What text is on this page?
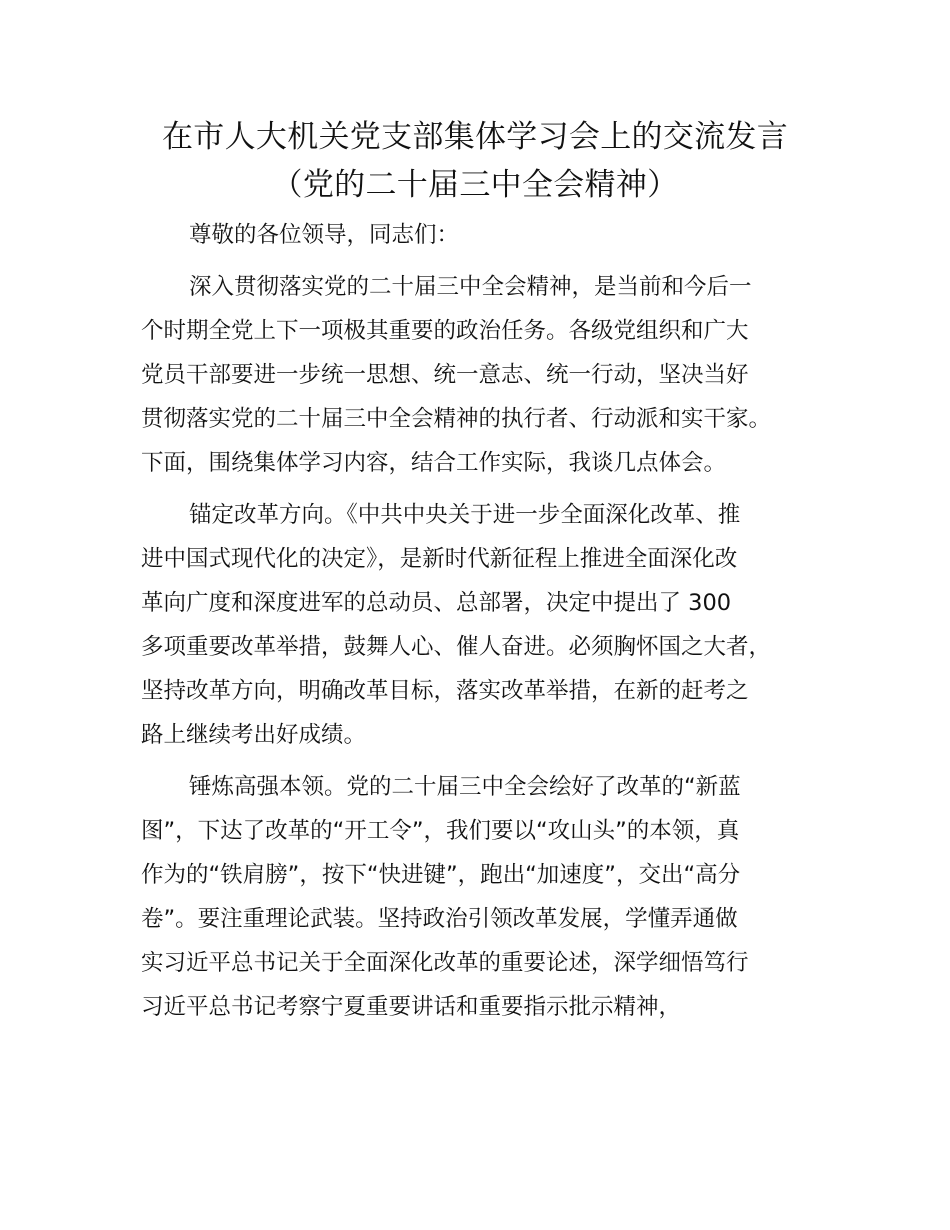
在市人大机关党支部集体学习会上的交流发言
（党的二十届三中全会精神）
尊敬的各位领导，同志们：
深入贯彻落实党的二十届三中全会精神，是当前和今后一
个时期全党上下一项极其重要的政治任务。各级党组织和广大
党员干部要进一步统一思想、统一意志、统一行动，坚决当好
贯彻落实党的二十届三中全会精神的执行者、行动派和实干家。
下面，围绕集体学习内容，结合工作实际，我谈几点体会。
锚定改革方向。《中共中央关于进一步全面深化改革、推
进中国式现代化的决定》，是新时代新征程上推进全面深化改
革向广度和深度进军的总动员、总部署，决定中提出了 300
多项重要改革举措，鼓舞人心、催人奋进。必须胸怀国之大者，
坚持改革方向，明确改革目标，落实改革举措，在新的赶考之
路上继续考出好成绩。
锤炼高强本领。党的二十届三中全会绘好了改革的“新蓝
图”，下达了改革的“开工令”，我们要以“攻山头”的本领，真
作为的“铁肩膀”，按下“快进键”，跑出“加速度”，交出“高分
卷”。要注重理论武装。坚持政治引领改革发展，学懂弄通做
实习近平总书记关于全面深化改革的重要论述，深学细悟笃行
习近平总书记考察宁夏重要讲话和重要指示批示精神，
